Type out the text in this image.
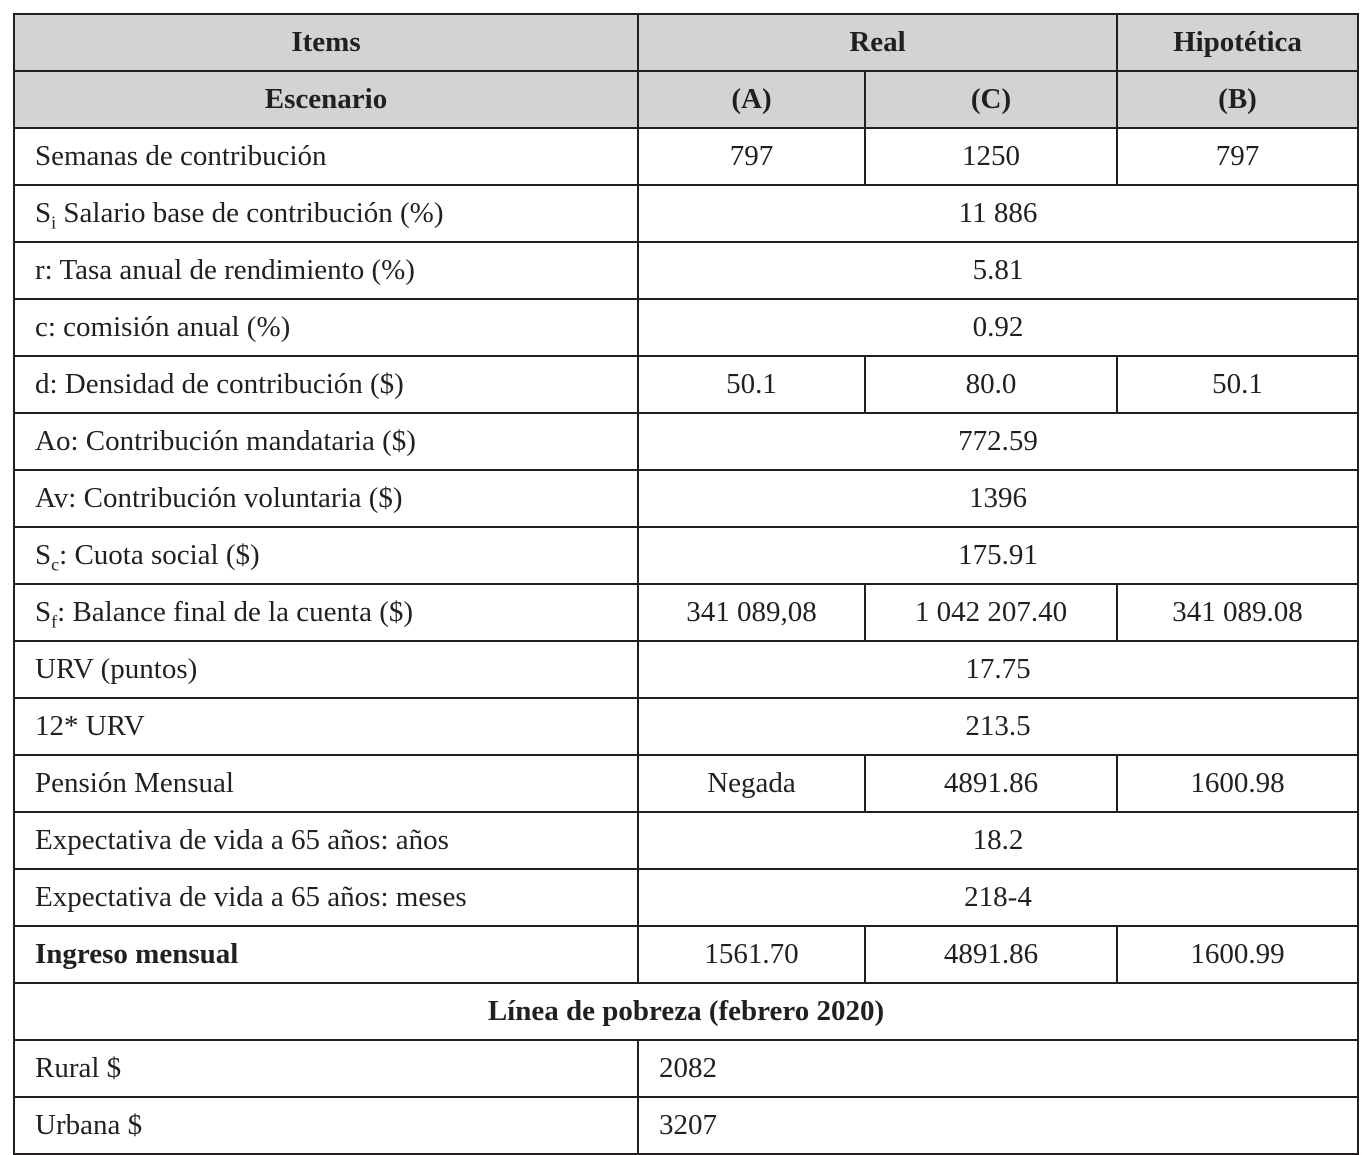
Items	Real		Hipotética
Escenario	(A)	(C)	(B)
Semanas de contribución	797	1250	797
$S_i$ Salario base de contribución (%)	11 886		
r: Tasa anual de rendimiento (%)	5.81		
c: comisión anual (%)	0.92		
d: Densidad de contribución ($)	50.1	80.0	50.1
Ao: Contribución mandataria ($)	772.59		
Av: Contribución voluntaria ($)	1396		
$S_c$: Cuota social ($)	175.91		
$S_f$: Balance final de la cuenta ($)	341 089,08	1 042 207.40	341 089.08
URV (puntos)	17.75		
12* URV	213.5		
Pensión Mensual	Negada	4891.86	1600.98
Expectativa de vida a 65 años: años	18.2		
Expectativa de vida a 65 años: meses	218-4		
Ingreso mensual	1561.70	4891.86	1600.99
Línea de pobreza (febrero 2020)			
Rural $	2082		
Urbana $	3207		
